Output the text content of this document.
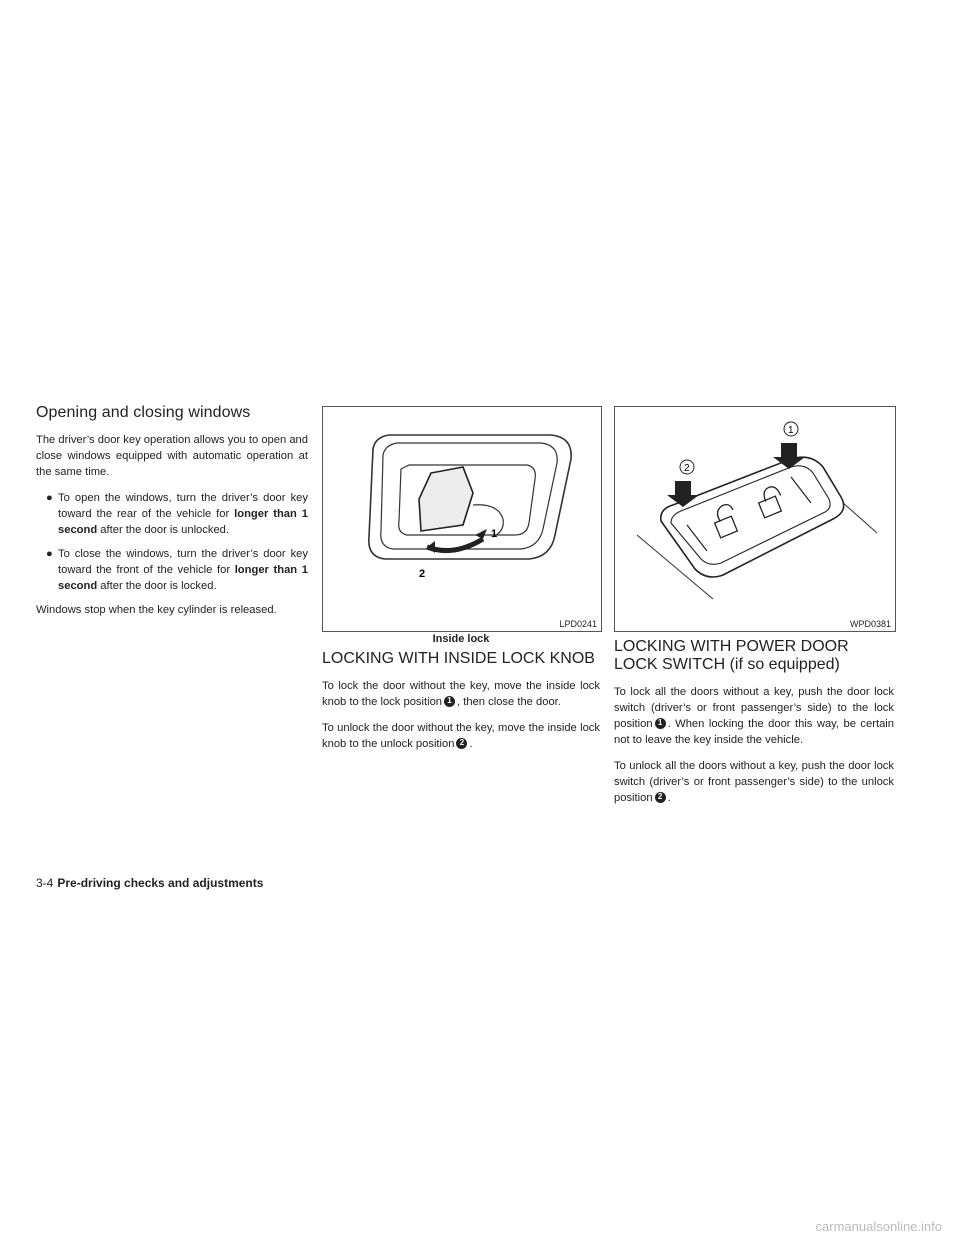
Opening and closing windows

The driver’s door key operation allows you to open and close windows equipped with automatic operation at the same time.

● To open the windows, turn the driver’s door key toward the rear of the vehicle for longer than 1 second after the door is unlocked.
● To close the windows, turn the driver’s door key toward the front of the vehicle for longer than 1 second after the door is locked.

Windows stop when the key cylinder is released.

1
2
LPD0241
Inside lock
LOCKING WITH INSIDE LOCK KNOB

To lock the door without the key, move the inside lock knob to the lock position 1 , then close the door.

To unlock the door without the key, move the inside lock knob to the unlock position 2 .

1
2
WPD0381
LOCKING WITH POWER DOOR LOCK SWITCH (if so equipped)

To lock all the doors without a key, push the door lock switch (driver’s or front passenger’s side) to the lock position 1 . When locking the door this way, be certain not to leave the key inside the vehicle.

To unlock all the doors without a key, push the door lock switch (driver’s or front passenger’s side) to the unlock position 2 .

3-4 Pre-driving checks and adjustments
carmanualsonline.info
